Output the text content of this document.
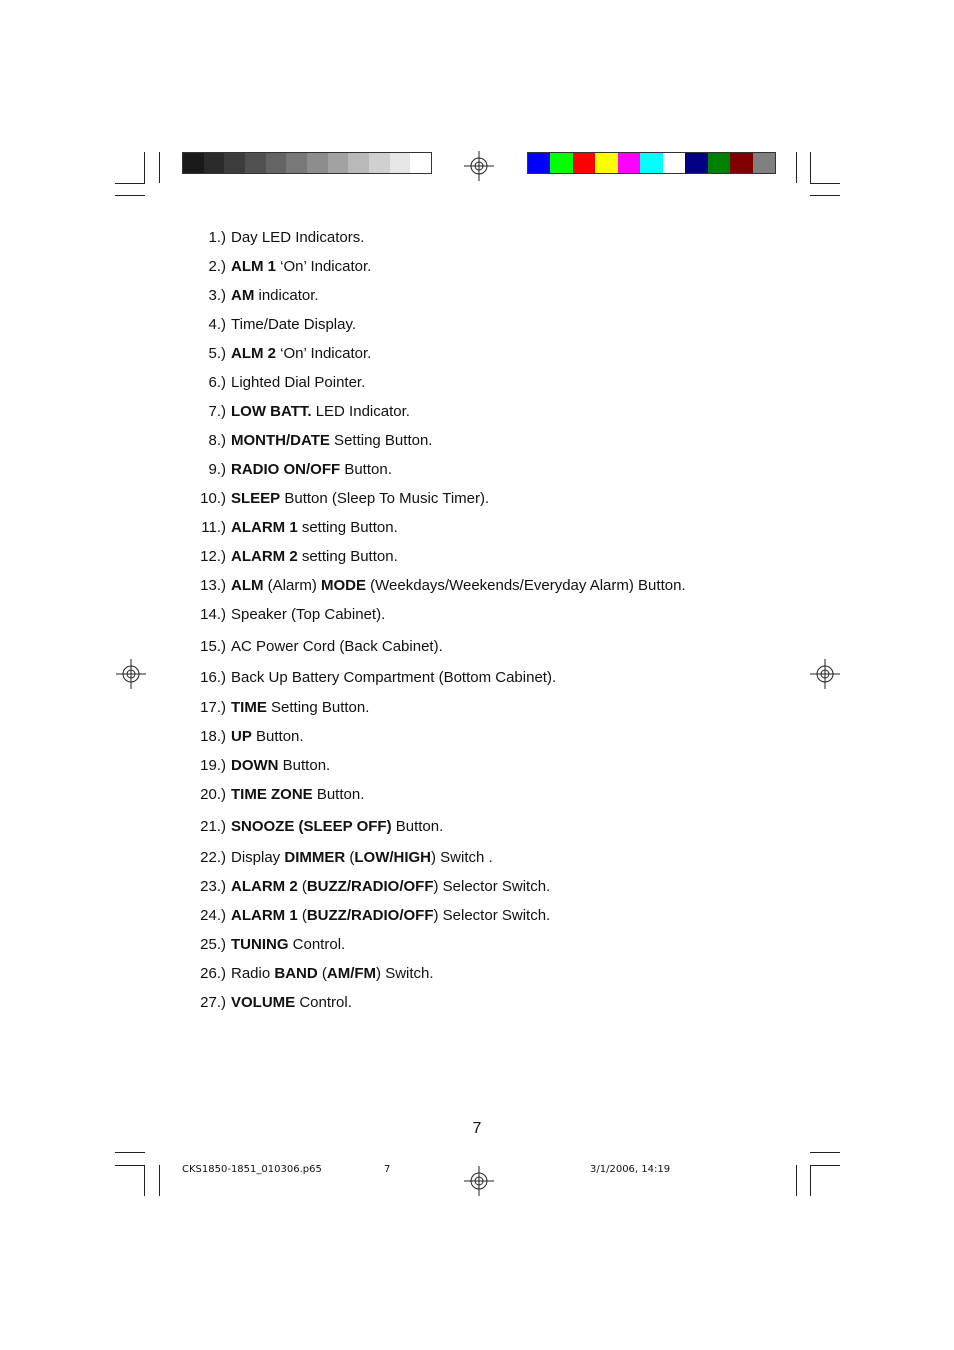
1.) Day LED Indicators.
2.) ALM 1 ‘On’ Indicator.
3.) AM indicator.
4.) Time/Date Display.
5.) ALM 2 ‘On’ Indicator.
6.) Lighted Dial Pointer.
7.) LOW BATT. LED Indicator.
8.) MONTH/DATE Setting Button.
9.) RADIO ON/OFF Button.
10.) SLEEP Button (Sleep To Music Timer).
11.) ALARM 1 setting Button.
12.) ALARM 2 setting Button.
13.) ALM (Alarm) MODE (Weekdays/Weekends/Everyday Alarm) Button.
14.) Speaker (Top Cabinet).
15.) AC Power Cord (Back Cabinet).
16.) Back Up Battery Compartment (Bottom Cabinet).
17.) TIME Setting Button.
18.) UP Button.
19.) DOWN Button.
20.) TIME ZONE Button.
21.) SNOOZE (SLEEP OFF) Button.
22.) Display DIMMER (LOW/HIGH) Switch .
23.) ALARM 2 (BUZZ/RADIO/OFF) Selector Switch.
24.) ALARM 1 (BUZZ/RADIO/OFF) Selector Switch.
25.) TUNING Control.
26.) Radio BAND (AM/FM) Switch.
27.) VOLUME Control.
7
CKS1850-1851_010306.p65	7	3/1/2006, 14:19
